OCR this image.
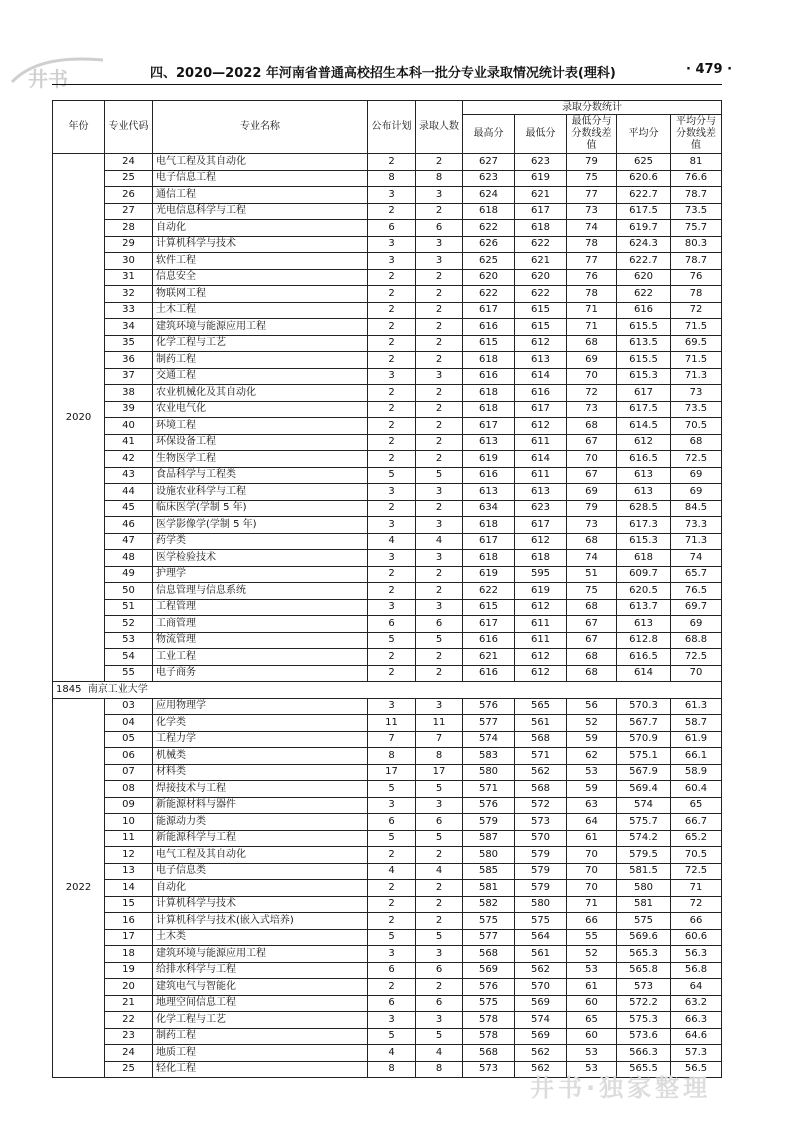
井书	四、2020—2022 年河南省普通高校招生本科一批分专业录取情况统计表(理科)	· 479 ·
年份	专业代码	专业名称	公布计划	录取人数	录取分数统计				
					最高分	最低分	最低分与分数线差值	平均分	平均分与分数线差值
2020	24	电气工程及其自动化	2	2	627	623	79	625	81
	25	电子信息工程	8	8	623	619	75	620.6	76.6
	26	通信工程	3	3	624	621	77	622.7	78.7
	27	光电信息科学与工程	2	2	618	617	73	617.5	73.5
	28	自动化	6	6	622	618	74	619.7	75.7
	29	计算机科学与技术	3	3	626	622	78	624.3	80.3
	30	软件工程	3	3	625	621	77	622.7	78.7
	31	信息安全	2	2	620	620	76	620	76
	32	物联网工程	2	2	622	622	78	622	78
	33	土木工程	2	2	617	615	71	616	72
	34	建筑环境与能源应用工程	2	2	616	615	71	615.5	71.5
	35	化学工程与工艺	2	2	615	612	68	613.5	69.5
	36	制药工程	2	2	618	613	69	615.5	71.5
	37	交通工程	3	3	616	614	70	615.3	71.3
	38	农业机械化及其自动化	2	2	618	616	72	617	73
	39	农业电气化	2	2	618	617	73	617.5	73.5
	40	环境工程	2	2	617	612	68	614.5	70.5
	41	环保设备工程	2	2	613	611	67	612	68
	42	生物医学工程	2	2	619	614	70	616.5	72.5
	43	食品科学与工程类	5	5	616	611	67	613	69
	44	设施农业科学与工程	3	3	613	613	69	613	69
	45	临床医学(学制 5 年)	2	2	634	623	79	628.5	84.5
	46	医学影像学(学制 5 年)	3	3	618	617	73	617.3	73.3
	47	药学类	4	4	617	612	68	615.3	71.3
	48	医学检验技术	3	3	618	618	74	618	74
	49	护理学	2	2	619	595	51	609.7	65.7
	50	信息管理与信息系统	2	2	622	619	75	620.5	76.5
	51	工程管理	3	3	615	612	68	613.7	69.7
	52	工商管理	6	6	617	611	67	613	69
	53	物流管理	5	5	616	611	67	612.8	68.8
	54	工业工程	2	2	621	612	68	616.5	72.5
	55	电子商务	2	2	616	612	68	614	70
1845 南京工业大学									
2022	03	应用物理学	3	3	576	565	56	570.3	61.3
	04	化学类	11	11	577	561	52	567.7	58.7
	05	工程力学	7	7	574	568	59	570.9	61.9
	06	机械类	8	8	583	571	62	575.1	66.1
	07	材料类	17	17	580	562	53	567.9	58.9
	08	焊接技术与工程	5	5	571	568	59	569.4	60.4
	09	新能源材料与器件	3	3	576	572	63	574	65
	10	能源动力类	6	6	579	573	64	575.7	66.7
	11	新能源科学与工程	5	5	587	570	61	574.2	65.2
	12	电气工程及其自动化	2	2	580	579	70	579.5	70.5
	13	电子信息类	4	4	585	579	70	581.5	72.5
	14	自动化	2	2	581	579	70	580	71
	15	计算机科学与技术	2	2	582	580	71	581	72
	16	计算机科学与技术(嵌入式培养)	2	2	575	575	66	575	66
	17	土木类	5	5	577	564	55	569.6	60.6
	18	建筑环境与能源应用工程	3	3	568	561	52	565.3	56.3
	19	给排水科学与工程	6	6	569	562	53	565.8	56.8
	20	建筑电气与智能化	2	2	576	570	61	573	64
	21	地理空间信息工程	6	6	575	569	60	572.2	63.2
	22	化学工程与工艺	3	3	578	574	65	575.3	66.3
	23	制药工程	5	5	578	569	60	573.6	64.6
	24	地质工程	4	4	568	562	53	566.3	57.3
	25	轻化工程	8	8	573	562	53	565.5	56.5
井书·独家整理
